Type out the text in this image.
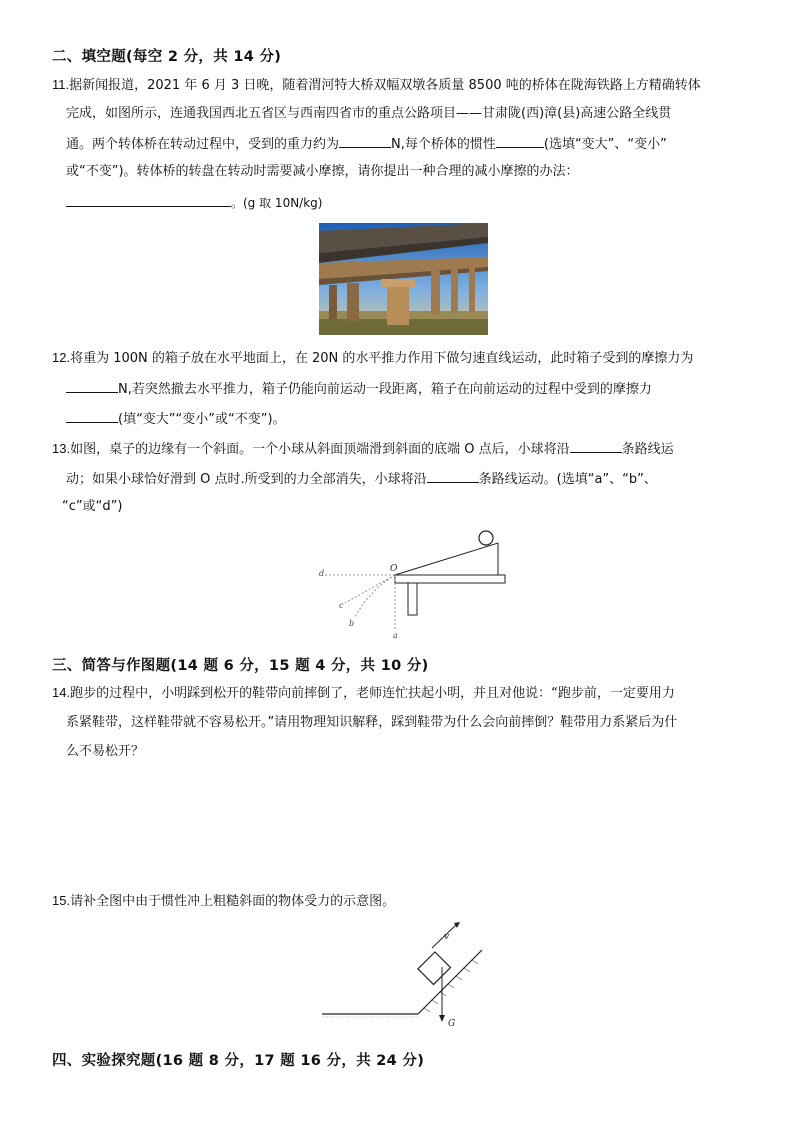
二、填空题(每空 2 分，共 14 分)
11.据新闻报道，2021 年 6 月 3 日晚，随着渭河特大桥双幅双墩各质量 8500 吨的桥体在陇海铁路上方精确转体
完成，如图所示，连通我国西北五省区与西南四省市的重点公路项目——甘肃陇(西)漳(县)高速公路全线贯
通。两个转体桥在转动过程中，受到的重力约为	N,每个桥体的惯性	(选填“变大”、“变小”
或“不变”)。转体桥的转盘在转动时需要减小摩擦，请你提出一种合理的减小摩擦的办法：
。(g 取 10N/kg)
12.将重为 100N 的箱子放在水平地面上，在 20N 的水平推力作用下做匀速直线运动，此时箱子受到的摩擦力为
N,若突然撤去水平推力，箱子仍能向前运动一段距离，箱子在向前运动的过程中受到的摩擦力
(填“变大”“变小”或“不变”)。
13.如图，桌子的边缘有一个斜面。一个小球从斜面顶端滑到斜面的底端 O 点后，小球将沿	条路线运
动；如果小球恰好滑到 O 点时.所受到的力全部消失，小球将沿	条路线运动。(选填“a”、“b”、
“c”或“d”)
O
d
c
b
a
三、简答与作图题(14 题 6 分，15 题 4 分，共 10 分)
14.跑步的过程中，小明踩到松开的鞋带向前摔倒了，老师连忙扶起小明，并且对他说：“跑步前，一定要用力
系紧鞋带，这样鞋带就不容易松开。”请用物理知识解释，踩到鞋带为什么会向前摔倒？鞋带用力系紧后为什
么不易松开？
15.请补全图中由于惯性冲上粗糙斜面的物体受力的示意图。
v
G
四、实验探究题(16 题 8 分，17 题 16 分，共 24 分)
